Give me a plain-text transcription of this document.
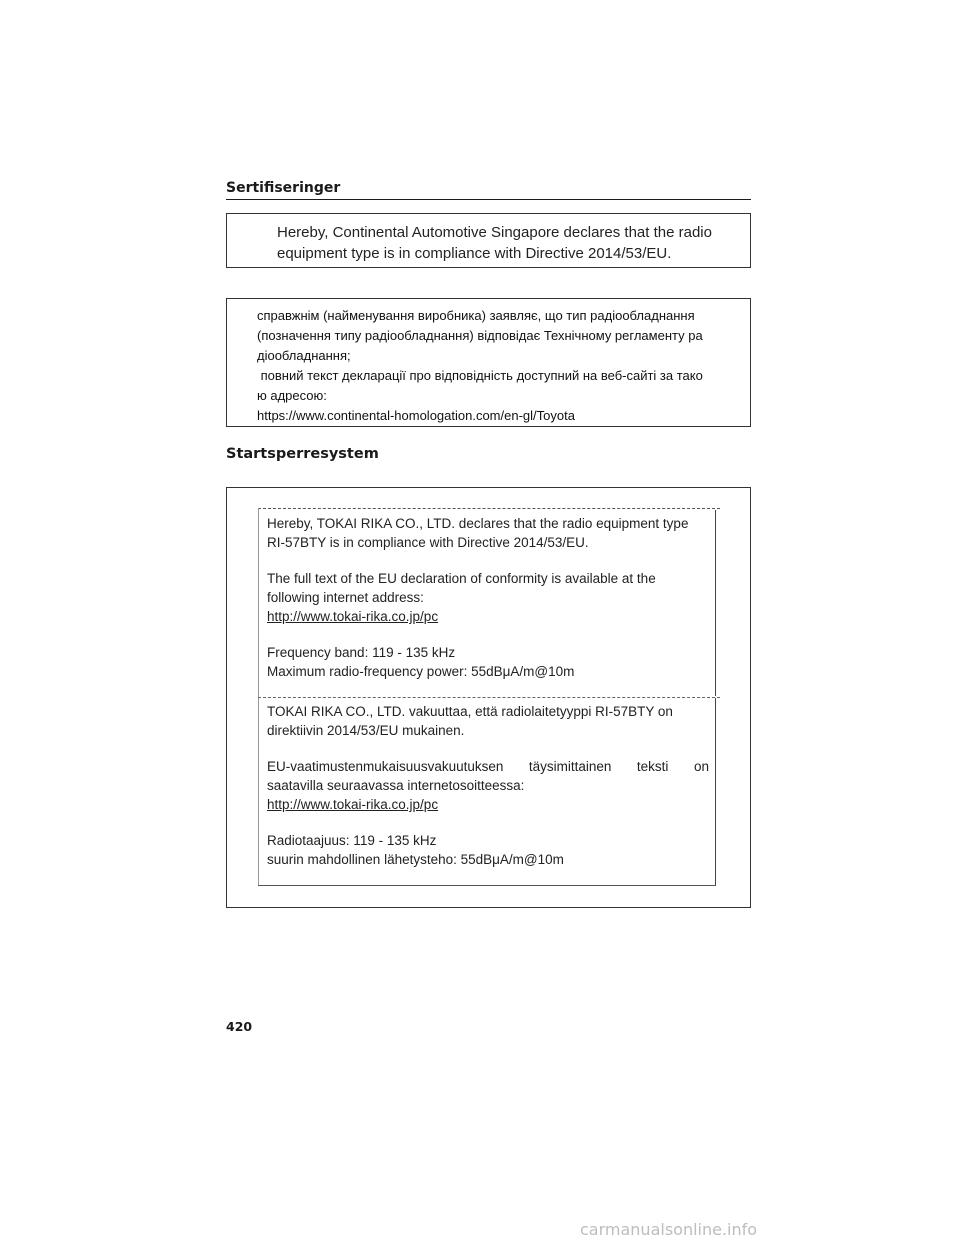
Sertifiseringer
Hereby, Continental Automotive Singapore declares that the radio
equipment type is in compliance with Directive 2014/53/EU.
справжнім (найменування виробника) заявляє, що тип радіообладнання
(позначення типу радіообладнання) відповідає Технічному регламенту ра
діообладнання;
повний текст декларації про відповідність доступний на веб-сайті за тако
ю адресою:
https://www.continental-homologation.com/en-gl/Toyota
Startsperresystem
Hereby, TOKAI RIKA CO., LTD. declares that the radio equipment type
RI-57BTY is in compliance with Directive 2014/53/EU.
The full text of the EU declaration of conformity is available at the
following internet address:
http://www.tokai-rika.co.jp/pc
Frequency band: 119 - 135 kHz
Maximum radio-frequency power: 55dBμA/m@10m
TOKAI RIKA CO., LTD. vakuuttaa, että radiolaitetyyppi RI-57BTY on
direktiivin 2014/53/EU mukainen.
EU-vaatimustenmukaisuusvakuutuksen täysimittainen teksti on
saatavilla seuraavassa internetosoitteessa:
http://www.tokai-rika.co.jp/pc
Radiotaajuus: 119 - 135 kHz
suurin mahdollinen lähetysteho: 55dBμA/m@10m
420
carmanualsonline.info
